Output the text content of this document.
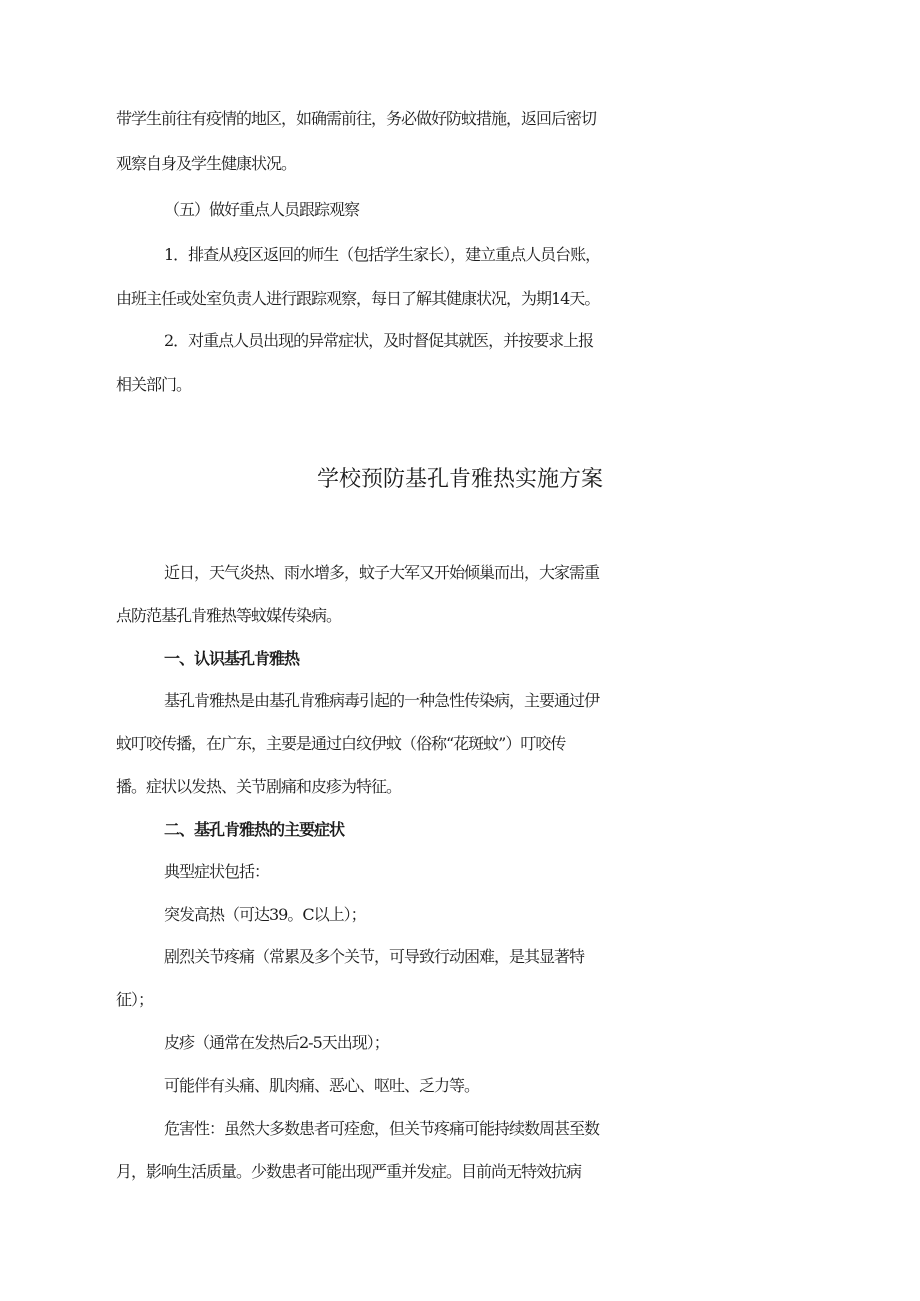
带学生前往有疫情的地区，如确需前往，务必做好防蚊措施，返回后密切
观察自身及学生健康状况。
（五）做好重点人员跟踪观察
1．排查从疫区返回的师生（包括学生家长），建立重点人员台账，
由班主任或处室负责人进行跟踪观察，每日了解其健康状况，为期14天。
2．对重点人员出现的异常症状，及时督促其就医，并按要求上报
相关部门。
学校预防基孔肯雅热实施方案
近日，天气炎热、雨水增多，蚊子大军又开始倾巢而出，大家需重
点防范基孔肯雅热等蚊媒传染病。
一、认识基孔肯雅热
基孔肯雅热是由基孔肯雅病毒引起的一种急性传染病，主要通过伊
蚊叮咬传播，在广东，主要是通过白纹伊蚊（俗称“花斑蚊”）叮咬传
播。症状以发热、关节剧痛和皮疹为特征。
二、基孔肯雅热的主要症状
典型症状包括：
突发高热（可达39。C以上）；
剧烈关节疼痛（常累及多个关节，可导致行动困难，是其显著特
征）；
皮疹（通常在发热后2-5天出现）；
可能伴有头痛、肌肉痛、恶心、呕吐、乏力等。
危害性：虽然大多数患者可痊愈，但关节疼痛可能持续数周甚至数
月，影响生活质量。少数患者可能出现严重并发症。目前尚无特效抗病
